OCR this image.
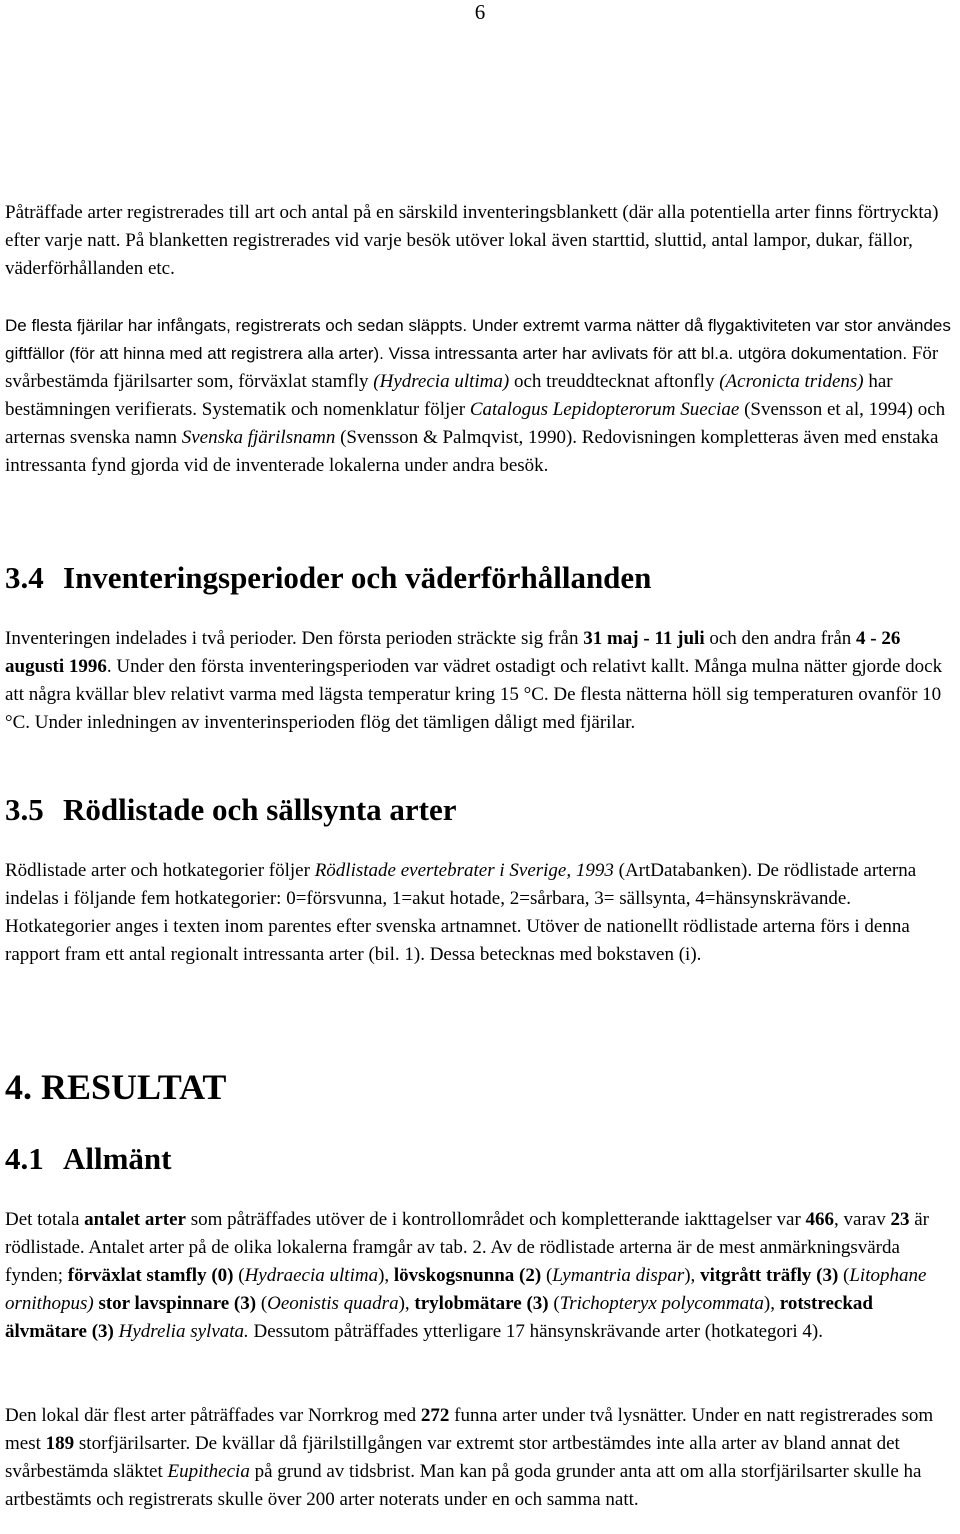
6
Påträffade arter registrerades till art och antal på en särskild inventeringsblankett (där alla potentiella arter finns förtryckta) efter varje natt. På blanketten registrerades vid varje besök utöver lokal även starttid, sluttid, antal lampor, dukar, fällor, väderförhållanden etc.
De flesta fjärilar har infångats, registrerats och sedan släppts. Under extremt varma nätter då flygaktiviteten var stor användes giftfällor (för att hinna med att registrera alla arter). Vissa intressanta arter har avlivats för att bl.a. utgöra dokumentation. För svårbestämda fjärilsarter som, förväxlat stamfly (Hydrecia ultima) och treuddtecknat aftonfly (Acronicta tridens) har bestämningen verifierats. Systematik och nomenklatur följer Catalogus Lepidopterorum Sueciae (Svensson et al, 1994) och arternas svenska namn Svenska fjärilsnamn (Svensson & Palmqvist, 1990). Redovisningen kompletteras även med enstaka intressanta fynd gjorda vid de inventerade lokalerna under andra besök.
3.4 Inventeringsperioder och väderförhållanden
Inventeringen indelades i två perioder. Den första perioden sträckte sig från 31 maj - 11 juli och den andra från 4 - 26 augusti 1996. Under den första inventeringsperioden var vädret ostadigt och relativt kallt. Många mulna nätter gjorde dock att några kvällar blev relativt varma med lägsta temperatur kring 15 °C. De flesta nätterna höll sig temperaturen ovanför 10 °C. Under inledningen av inventerinsperioden flög det tämligen dåligt med fjärilar.
3.5 Rödlistade och sällsynta arter
Rödlistade arter och hotkategorier följer Rödlistade evertebrater i Sverige, 1993 (ArtDatabanken). De rödlistade arterna indelas i följande fem hotkategorier: 0=försvunna, 1=akut hotade, 2=sårbara, 3= sällsynta, 4=hänsynskrävande. Hotkategorier anges i texten inom parentes efter svenska artnamnet. Utöver de nationellt rödlistade arterna förs i denna rapport fram ett antal regionalt intressanta arter (bil. 1). Dessa betecknas med bokstaven (i).
4. RESULTAT
4.1 Allmänt
Det totala antalet arter som påträffades utöver de i kontrollområdet och kompletterande iakttagelser var 466, varav 23 är rödlistade. Antalet arter på de olika lokalerna framgår av tab. 2. Av de rödlistade arterna är de mest anmärkningsvärda fynden; förväxlat stamfly (0) (Hydraecia ultima), lövskogsnunna (2) (Lymantria dispar), vitgrått träfly (3) (Litophane ornithopus) stor lavspinnare (3) (Oeonistis quadra), trylobmätare (3) (Trichopteryx polycommata), rotstreckad älvmätare (3) Hydrelia sylvata. Dessutom påträffades ytterligare 17 hänsynskrävande arter (hotkategori 4).
Den lokal där flest arter påträffades var Norrkrog med 272 funna arter under två lysnätter. Under en natt registrerades som mest 189 storfjärilsarter. De kvällar då fjärilstillgången var extremt stor artbestämdes inte alla arter av bland annat det svårbestämda släktet Eupithecia på grund av tidsbrist. Man kan på goda grunder anta att om alla storfjärilsarter skulle ha artbestämts och registrerats skulle över 200 arter noterats under en och samma natt.
